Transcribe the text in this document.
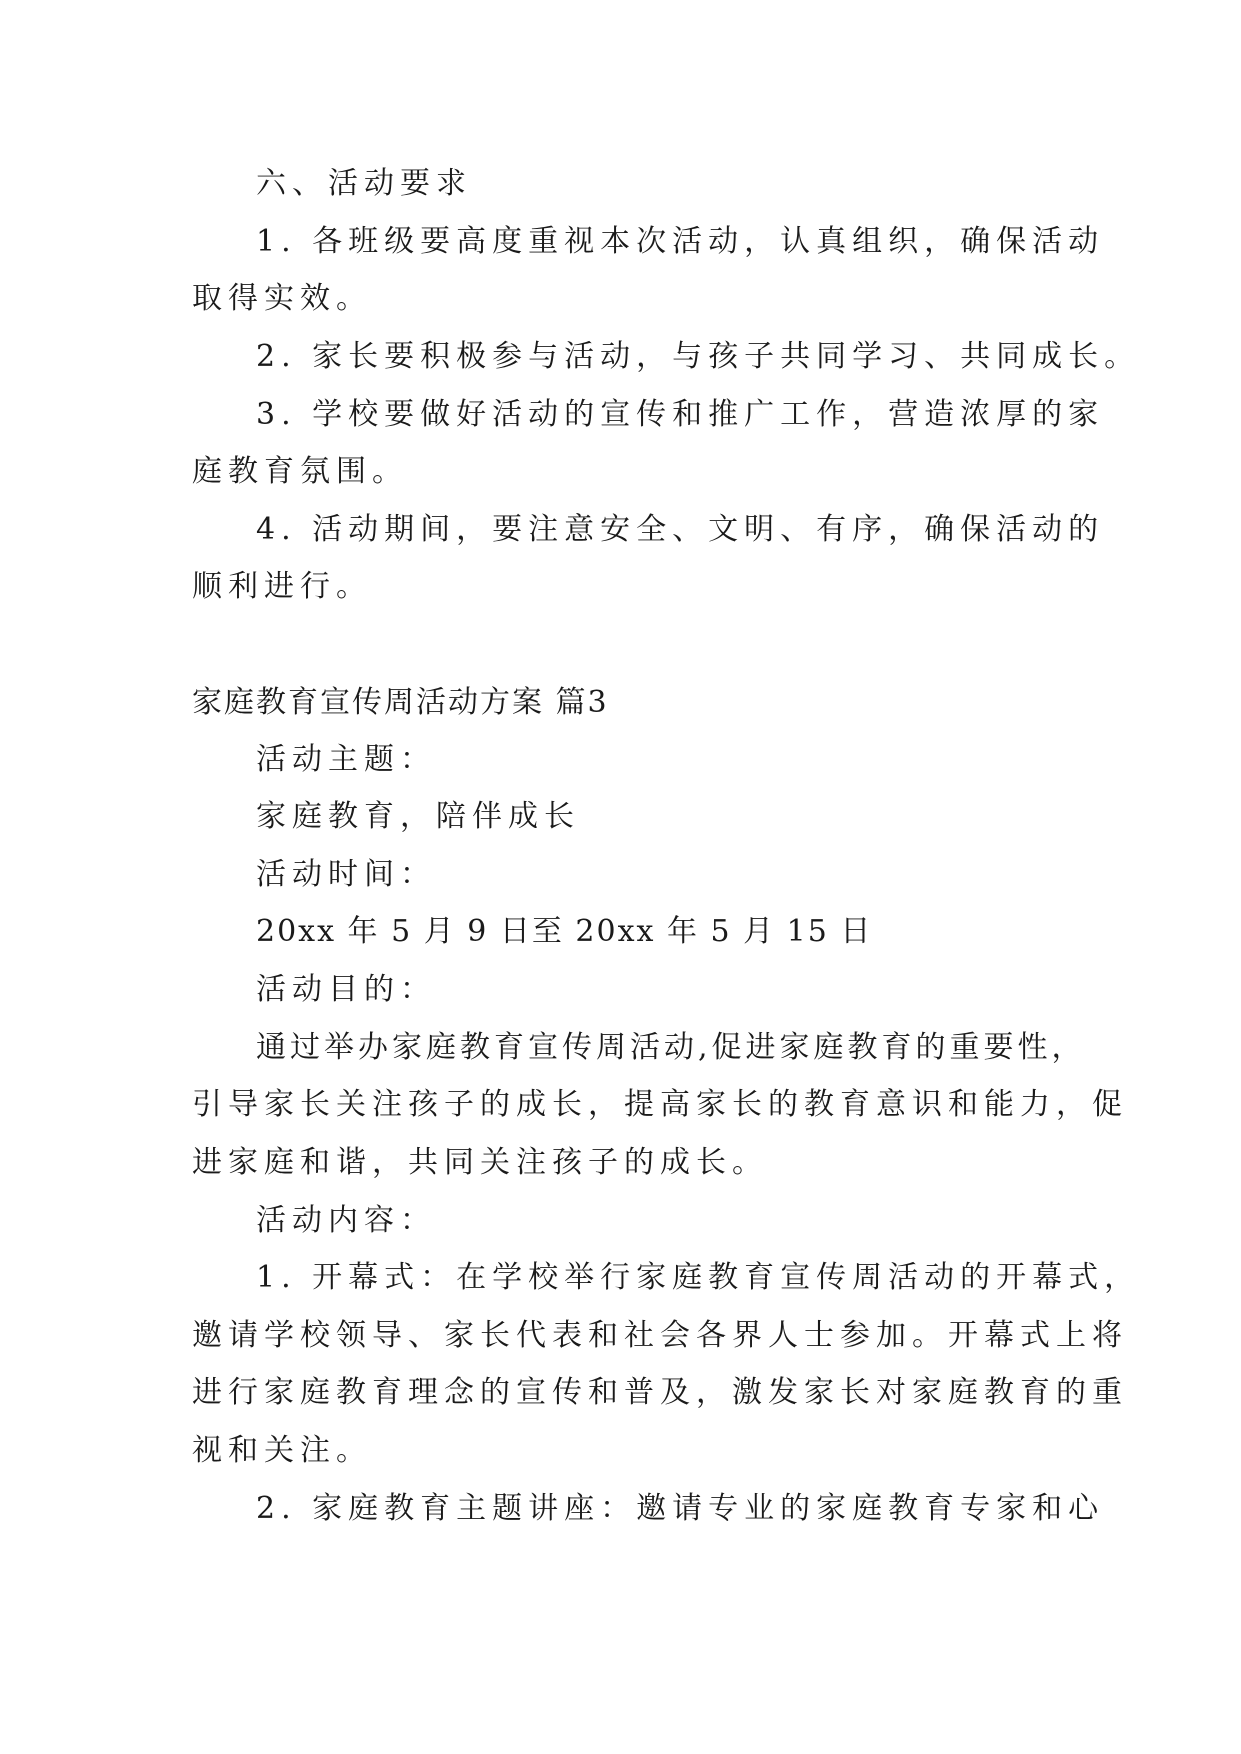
六、活动要求
1. 各班级要高度重视本次活动，认真组织，确保活动
取得实效。
2. 家长要积极参与活动，与孩子共同学习、共同成长。
3. 学校要做好活动的宣传和推广工作，营造浓厚的家
庭教育氛围。
4. 活动期间，要注意安全、文明、有序，确保活动的
顺利进行。
家庭教育宣传周活动方案 篇3
活动主题：
家庭教育，陪伴成长
活动时间：
20xx 年 5 月 9 日至 20xx 年 5 月 15 日
活动目的：
通过举办家庭教育宣传周活动,促进家庭教育的重要性，
引导家长关注孩子的成长，提高家长的教育意识和能力，促
进家庭和谐，共同关注孩子的成长。
活动内容：
1. 开幕式：在学校举行家庭教育宣传周活动的开幕式，
邀请学校领导、家长代表和社会各界人士参加。开幕式上将
进行家庭教育理念的宣传和普及，激发家长对家庭教育的重
视和关注。
2. 家庭教育主题讲座：邀请专业的家庭教育专家和心
